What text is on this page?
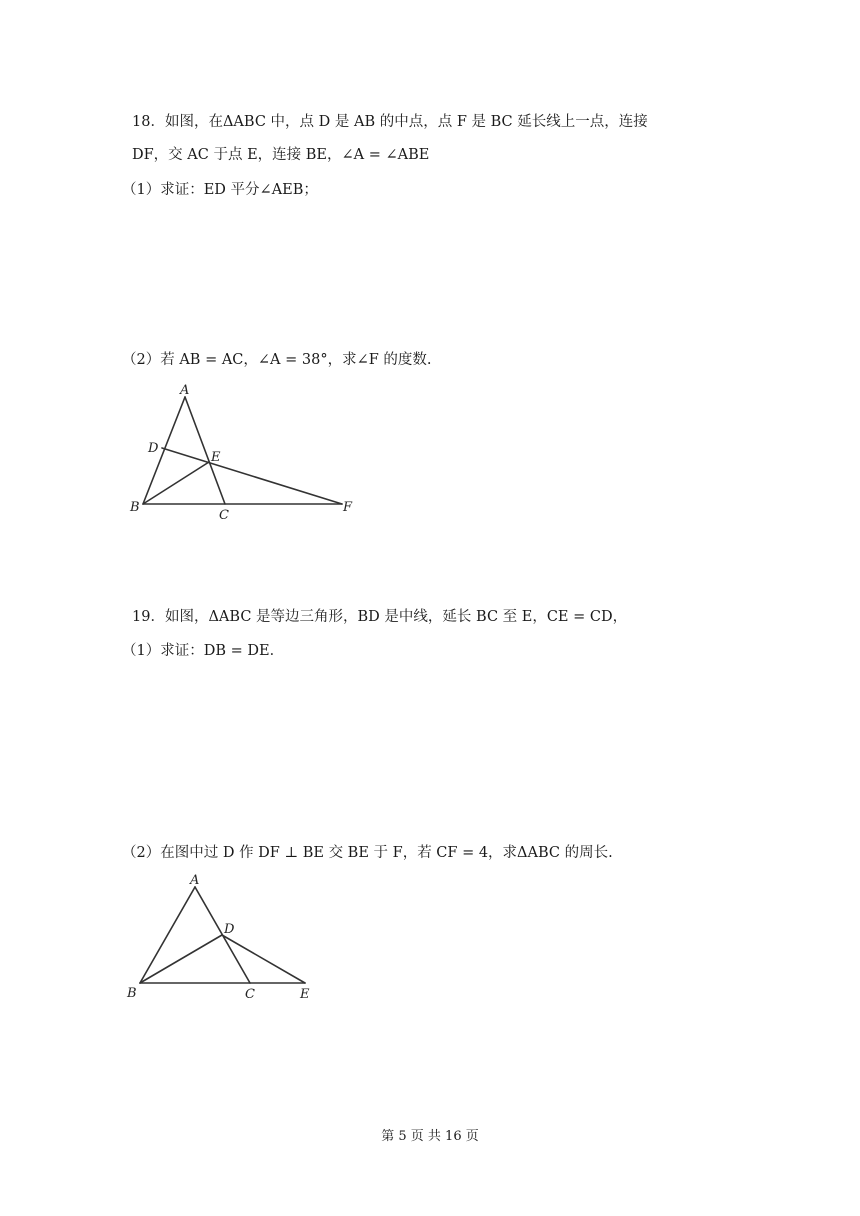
18．如图，在ΔABC 中，点 D 是 AB 的中点，点 F 是 BC 延长线上一点，连接
DF，交 AC 于点 E，连接 BE，∠A = ∠ABE
（1）求证：ED 平分∠AEB；
（2）若 AB = AC，∠A = 38°，求∠F 的度数.
A
D
E
B
C
F
19．如图，ΔABC 是等边三角形，BD 是中线，延长 BC 至 E，CE = CD，
（1）求证：DB = DE．
（2）在图中过 D 作 DF ⊥ BE 交 BE 于 F，若 CF = 4，求ΔABC 的周长.
A
D
B	C	E
第 5 页 共 16 页
